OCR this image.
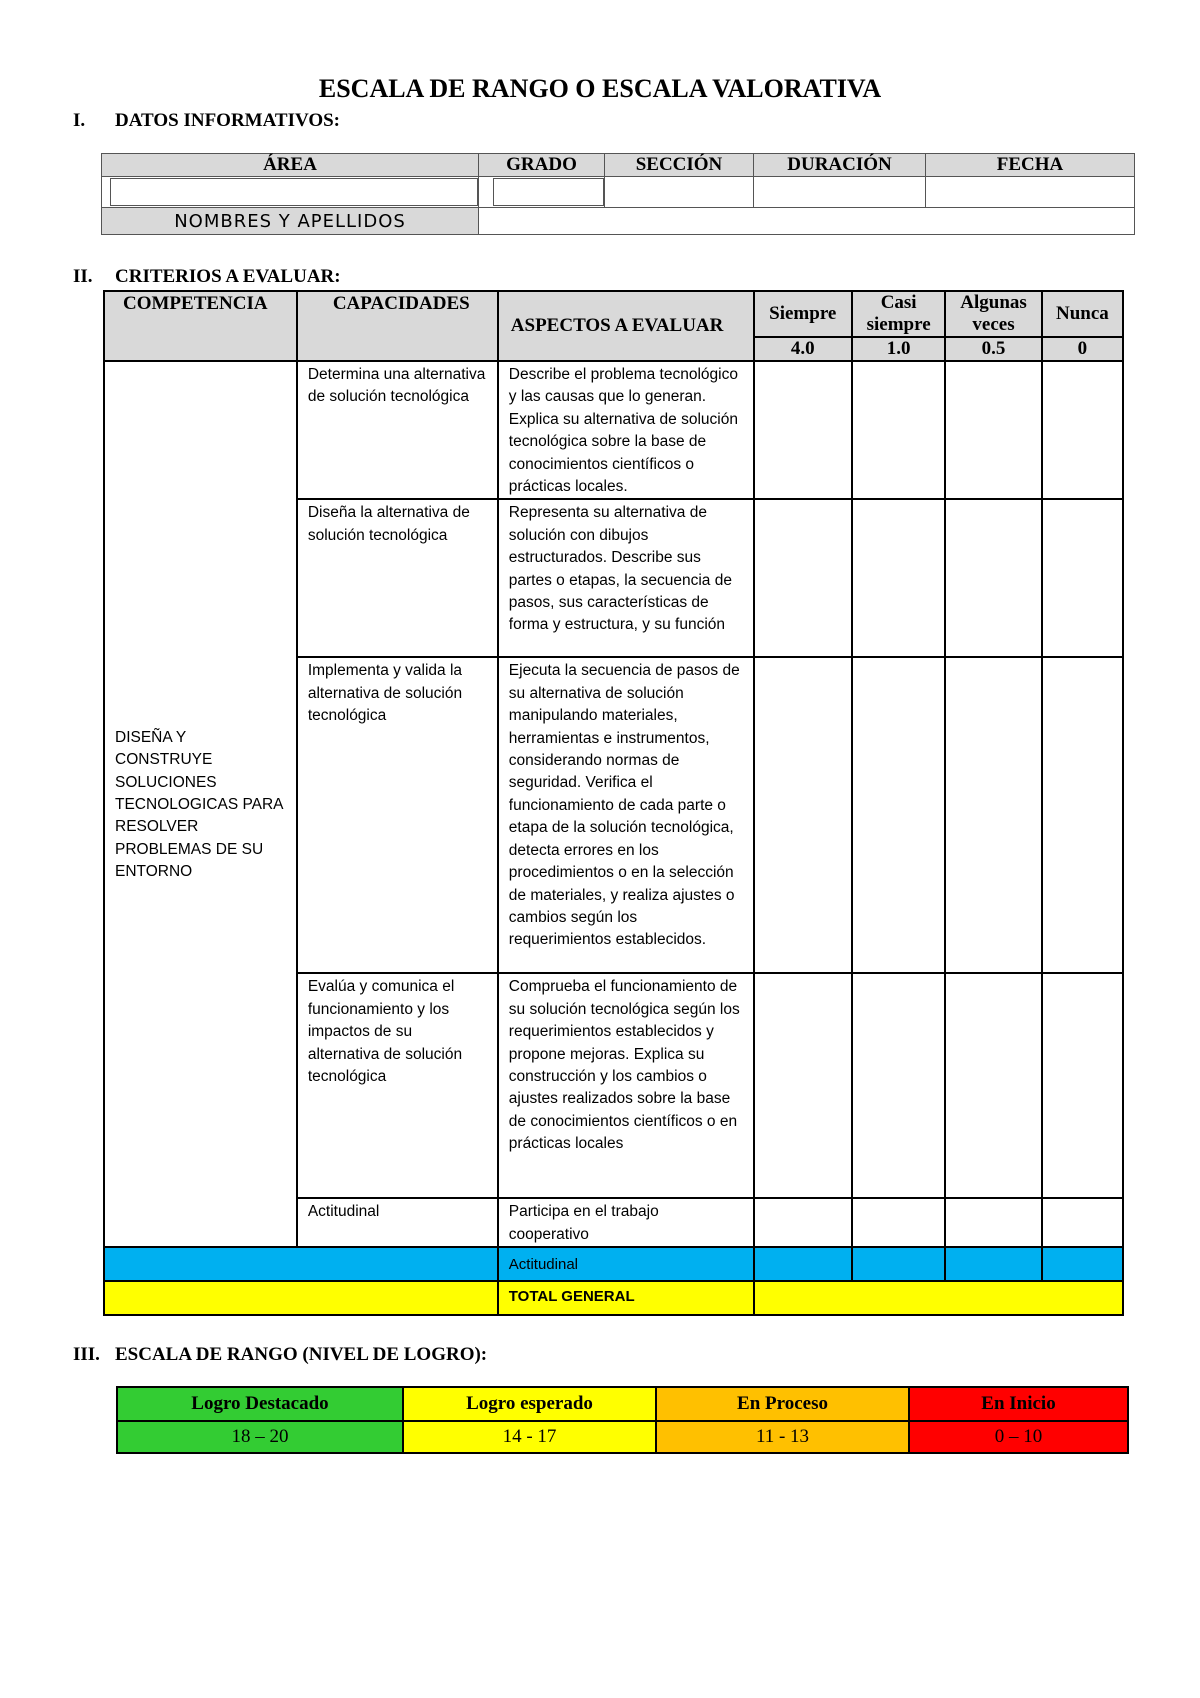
ESCALA DE RANGO O ESCALA VALORATIVA
I. DATOS INFORMATIVOS:
ÁREA	GRADO	SECCIÓN	DURACIÓN	FECHA

NOMBRES Y APELLIDOS				
II. CRITERIOS A EVALUAR:
COMPETENCIA	CAPACIDADES	ASPECTOS A EVALUAR	Siempre	Casi siempre	Algunas veces	Nunca
			4.0	1.0	0.5	0
DISEÑA Y CONSTRUYE SOLUCIONES TECNOLOGICAS PARA RESOLVER PROBLEMAS DE SU ENTORNO	Determina una alternativa de solución tecnológica	Describe el problema tecnológico y las causas que lo generan. Explica su alternativa de solución tecnológica sobre la base de conocimientos científicos o prácticas locales.				
	Diseña la alternativa de solución tecnológica	Representa su alternativa de solución con dibujos estructurados. Describe sus partes o etapas, la secuencia de pasos, sus características de forma y estructura, y su función				
	Implementa y valida la alternativa de solución tecnológica	Ejecuta la secuencia de pasos de su alternativa de solución manipulando materiales, herramientas e instrumentos, considerando normas de seguridad. Verifica el funcionamiento de cada parte o etapa de la solución tecnológica, detecta errores en los procedimientos o en la selección de materiales, y realiza ajustes o cambios según los requerimientos establecidos.				
	Evalúa y comunica el funcionamiento y los impactos de su alternativa de solución tecnológica	Comprueba el funcionamiento de su solución tecnológica según los requerimientos establecidos y propone mejoras. Explica su construcción y los cambios o ajustes realizados sobre la base de conocimientos científicos o en prácticas locales				
	Actitudinal	Participa en el trabajo cooperativo				
		Actitudinal				
		TOTAL GENERAL				
III. ESCALA DE RANGO (NIVEL DE LOGRO):
Logro Destacado	Logro esperado	En Proceso	En Inicio
18 – 20	14 - 17	11 - 13	0 – 10
